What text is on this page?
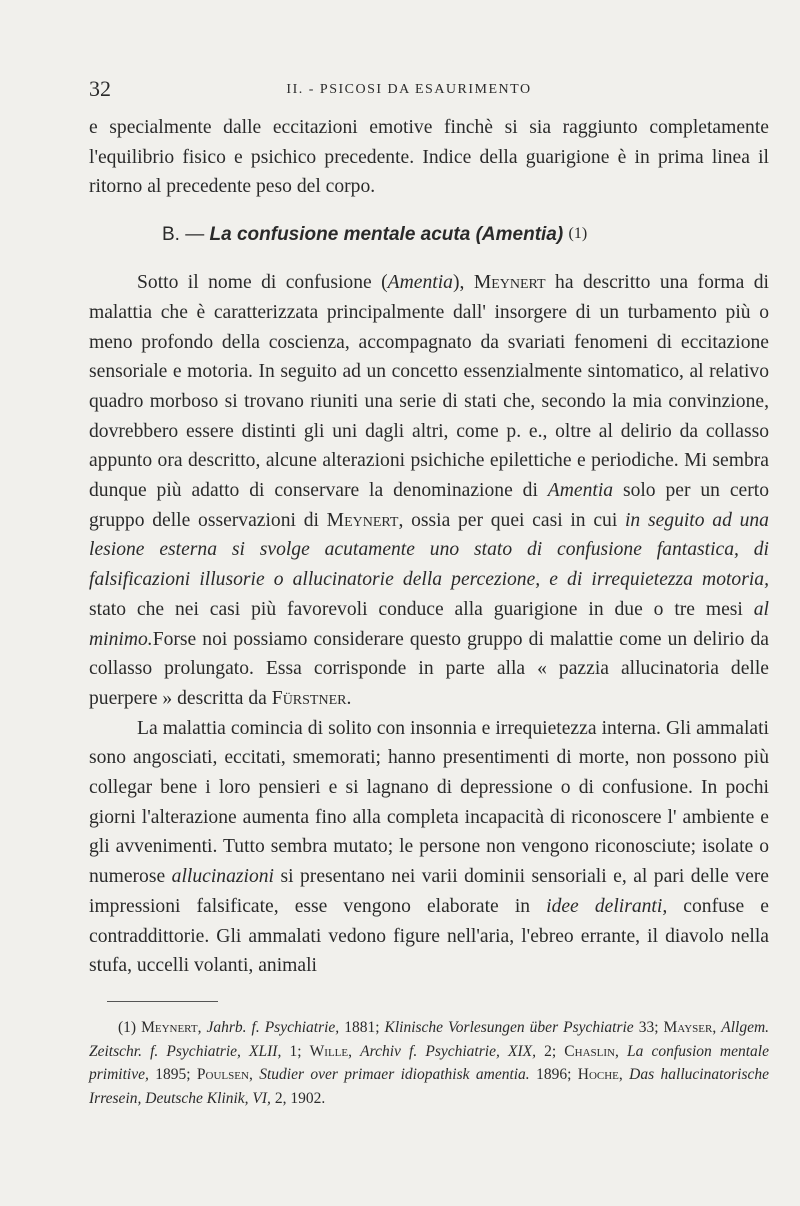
32	II. - PSICOSI DA ESAURIMENTO

e specialmente dalle eccitazioni emotive finchè si sia raggiunto completamente l'equilibrio fisico e psichico precedente. Indice della guarigione è in prima linea il ritorno al precedente peso del corpo.

B. — La confusione mentale acuta (Amentia) (1)

Sotto il nome di confusione (Amentia), Meynert ha descritto una forma di malattia che è caratterizzata principalmente dall' insorgere di un turbamento più o meno profondo della coscienza, accompagnato da svariati fenomeni di eccitazione sensoriale e motoria. In seguito ad un concetto essenzialmente sintomatico, al relativo quadro morboso si trovano riuniti una serie di stati che, secondo la mia convinzione, dovrebbero essere distinti gli uni dagli altri, come p. e., oltre al delirio da collasso appunto ora descritto, alcune alterazioni psichiche epilettiche e periodiche. Mi sembra dunque più adatto di conservare la denominazione di Amentia solo per un certo gruppo delle osservazioni di Meynert, ossia per quei casi in cui in seguito ad una lesione esterna si svolge acutamente uno stato di confusione fantastica, di falsificazioni illusorie o allucinatorie della percezione, e di irrequietezza motoria, stato che nei casi più favorevoli conduce alla guarigione in due o tre mesi al minimo.Forse noi possiamo considerare questo gruppo di malattie come un delirio da collasso prolungato. Essa corrisponde in parte alla « pazzia allucinatoria delle puerpere » descritta da Fürstner.

La malattia comincia di solito con insonnia e irrequietezza interna. Gli ammalati sono angosciati, eccitati, smemorati; hanno presentimenti di morte, non possono più collegar bene i loro pensieri e si lagnano di depressione o di confusione. In pochi giorni l'alterazione aumenta fino alla completa incapacità di riconoscere l' ambiente e gli avvenimenti. Tutto sembra mutato; le persone non vengono riconosciute; isolate o numerose allucinazioni si presentano nei varii dominii sensoriali e, al pari delle vere impressioni falsificate, esse vengono elaborate in idee deliranti, confuse e contraddittorie. Gli ammalati vedono figure nell'aria, l'ebreo errante, il diavolo nella stufa, uccelli volanti, animali

(1) Meynert, Jahrb. f. Psychiatrie, 1881; Klinische Vorlesungen über Psychiatrie 33; Mayser, Allgem. Zeitschr. f. Psychiatrie, XLII, 1; Wille, Archiv f. Psychiatrie, XIX, 2; Chaslin, La confusion mentale primitive, 1895; Poulsen, Studier over primaer idiopathisk amentia. 1896; Hoche, Das hallucinatorische Irresein, Deutsche Klinik, VI, 2, 1902.
